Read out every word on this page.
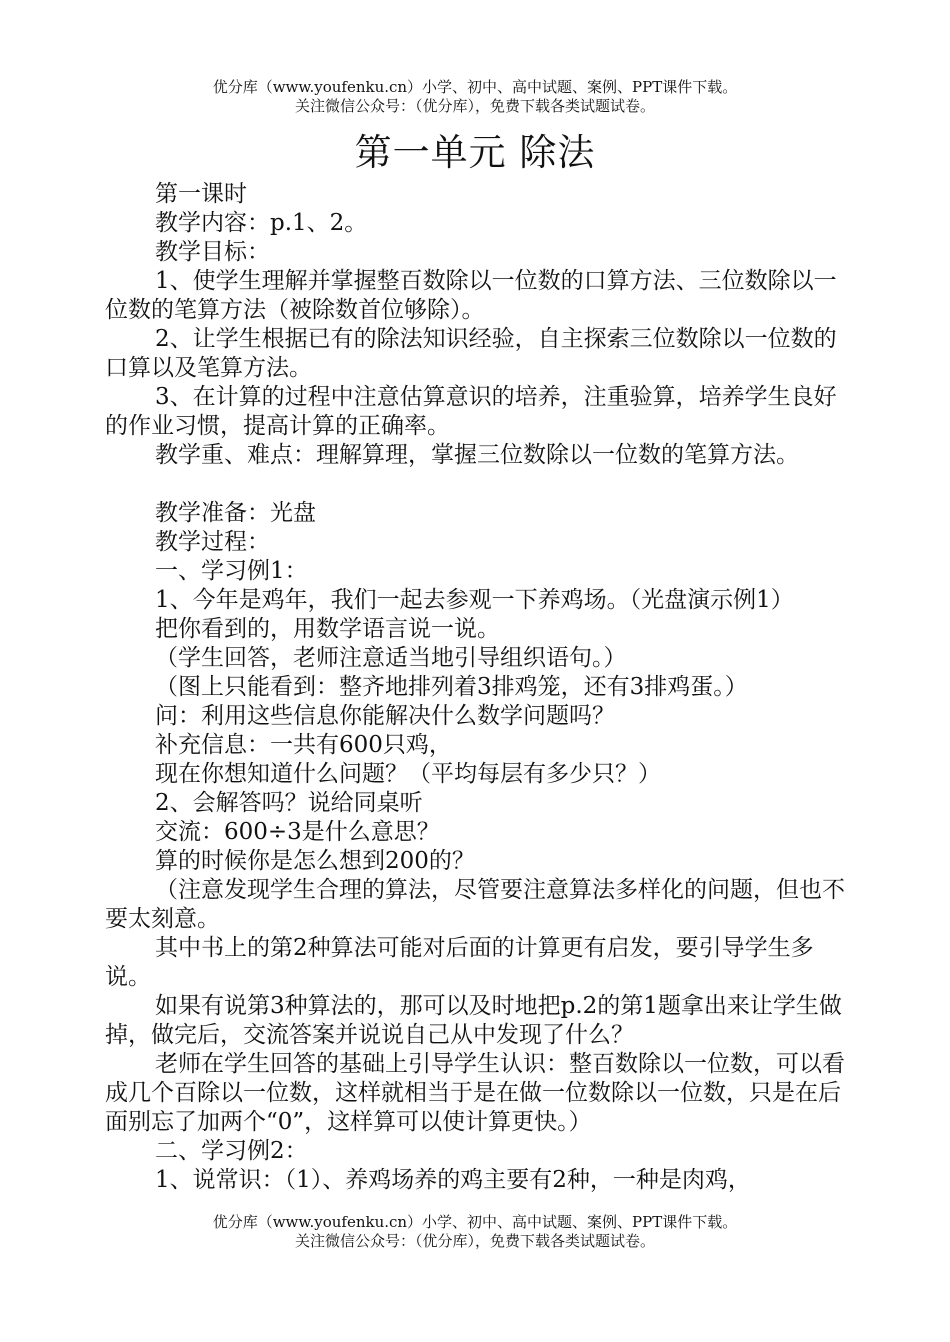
优分库（www.youfenku.cn）小学、初中、高中试题、案例、PPT课件下载。
关注微信公众号：（优分库），免费下载各类试题试卷。
第一单元 除法

第一课时

教学内容：p.1、2。

教学目标：

1、使学生理解并掌握整百数除以一位数的口算方法、三位数除以一位数的笔算方法（被除数首位够除）。

2、让学生根据已有的除法知识经验，自主探索三位数除以一位数的口算以及笔算方法。

3、在计算的过程中注意估算意识的培养，注重验算，培养学生良好的作业习惯，提高计算的正确率。

教学重、难点：理解算理，掌握三位数除以一位数的笔算方法。

教学准备：光盘

教学过程：

一、学习例1：

1、今年是鸡年，我们一起去参观一下养鸡场。（光盘演示例1）

把你看到的，用数学语言说一说。

（学生回答，老师注意适当地引导组织语句。）

（图上只能看到：整齐地排列着3排鸡笼，还有3排鸡蛋。）

问：利用这些信息你能解决什么数学问题吗？

补充信息：一共有600只鸡，

现在你想知道什么问题？（平均每层有多少只？）

2、会解答吗？说给同桌听

交流：600÷3是什么意思？

算的时候你是怎么想到200的？

（注意发现学生合理的算法，尽管要注意算法多样化的问题，但也不要太刻意。

其中书上的第2种算法可能对后面的计算更有启发，要引导学生多说。

如果有说第3种算法的，那可以及时地把p.2的第1题拿出来让学生做掉，做完后，交流答案并说说自己从中发现了什么？

老师在学生回答的基础上引导学生认识：整百数除以一位数，可以看成几个百除以一位数，这样就相当于是在做一位数除以一位数，只是在后面别忘了加两个“0”，这样算可以使计算更快。）

二、学习例2：

1、说常识：（1）、养鸡场养的鸡主要有2种，一种是肉鸡，

优分库（www.youfenku.cn）小学、初中、高中试题、案例、PPT课件下载。
关注微信公众号：（优分库），免费下载各类试题试卷。
